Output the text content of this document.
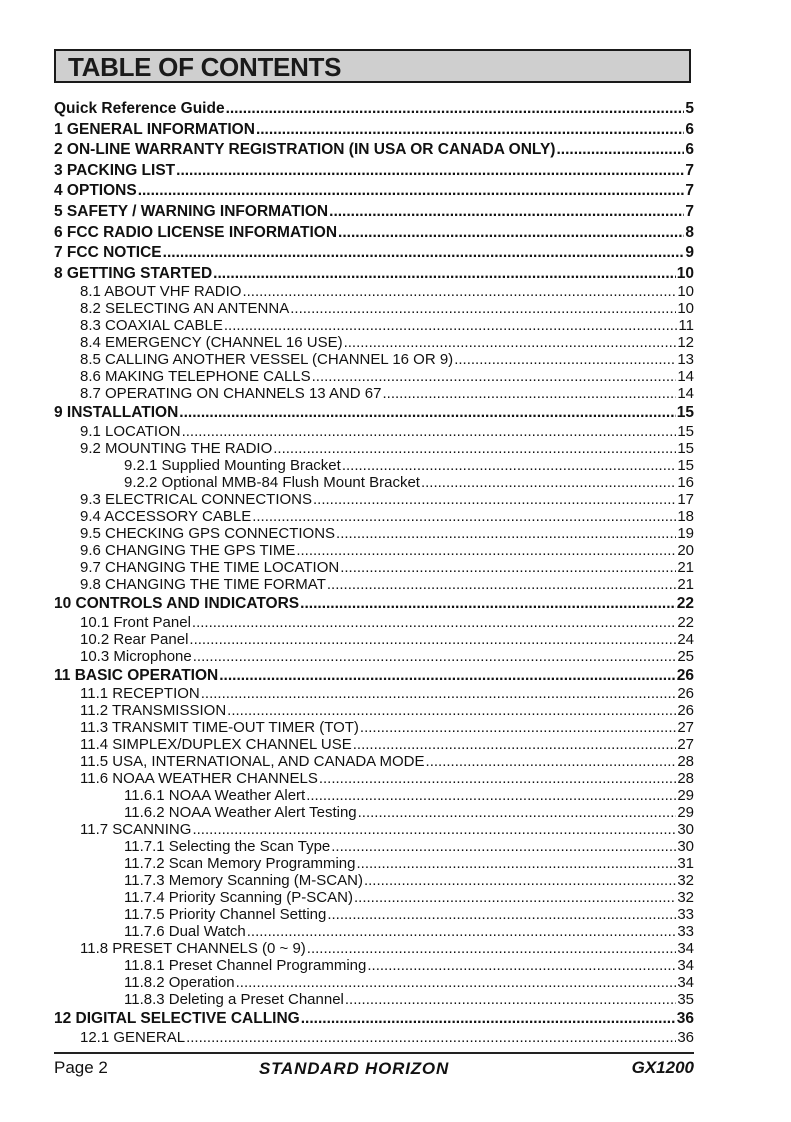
TABLE OF CONTENTS
Quick Reference Guide .....	5
1 GENERAL INFORMATION .....	6
2 ON-LINE WARRANTY REGISTRATION (IN USA OR CANADA ONLY) .....	6
3 PACKING LIST .....	7
4 OPTIONS .....	7
5 SAFETY / WARNING INFORMATION .....	7
6 FCC RADIO LICENSE INFORMATION .....	8
7 FCC NOTICE .....	9
8 GETTING STARTED .....	10
8.1 ABOUT VHF RADIO .....	10
8.2 SELECTING AN ANTENNA .....	10
8.3 COAXIAL CABLE .....	11
8.4 EMERGENCY (CHANNEL 16 USE) .....	12
8.5 CALLING ANOTHER VESSEL (CHANNEL 16 OR 9) .....	13
8.6 MAKING TELEPHONE CALLS .....	14
8.7 OPERATING ON CHANNELS 13 AND 67 .....	14
9 INSTALLATION .....	15
9.1 LOCATION .....	15
9.2 MOUNTING THE RADIO .....	15
9.2.1 Supplied Mounting Bracket .....	15
9.2.2 Optional MMB-84 Flush Mount Bracket .....	16
9.3 ELECTRICAL CONNECTIONS .....	17
9.4 ACCESSORY CABLE .....	18
9.5 CHECKING GPS CONNECTIONS .....	19
9.6 CHANGING THE GPS TIME .....	20
9.7 CHANGING THE TIME LOCATION .....	21
9.8 CHANGING THE TIME FORMAT .....	21
10 CONTROLS AND INDICATORS .....	22
10.1 Front Panel .....	22
10.2 Rear Panel .....	24
10.3 Microphone .....	25
11 BASIC OPERATION .....	26
11.1 RECEPTION .....	26
11.2 TRANSMISSION .....	26
11.3 TRANSMIT TIME-OUT TIMER (TOT) .....	27
11.4 SIMPLEX/DUPLEX CHANNEL USE .....	27
11.5 USA, INTERNATIONAL, AND CANADA MODE .....	28
11.6 NOAA WEATHER CHANNELS .....	28
11.6.1 NOAA Weather Alert .....	29
11.6.2 NOAA Weather Alert Testing .....	29
11.7 SCANNING .....	30
11.7.1 Selecting the Scan Type .....	30
11.7.2 Scan Memory Programming .....	31
11.7.3 Memory Scanning (M-SCAN) .....	32
11.7.4 Priority Scanning (P-SCAN) .....	32
11.7.5 Priority Channel Setting .....	33
11.7.6 Dual Watch .....	33
11.8 PRESET CHANNELS (0 ~ 9) .....	34
11.8.1 Preset Channel Programming .....	34
11.8.2 Operation .....	34
11.8.3 Deleting a Preset Channel .....	35
12 DIGITAL SELECTIVE CALLING .....	36
12.1 GENERAL .....	36
Page 2	STANDARD HORIZON	GX1200
